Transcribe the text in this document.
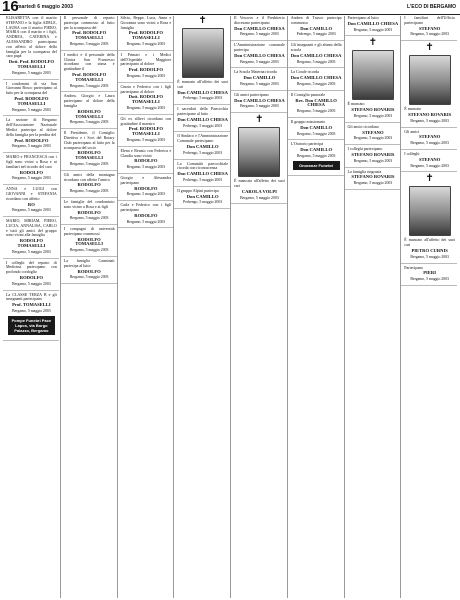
16
martedì 6 maggio 2003	L'ECO DI BERGAMO
ELISABETTA con il marito STEFANO e la figlia ADELE, LAURA con il marito PIERO, MARIA con il marito e i figli, ANDREA, CATERINA e ALESSANDRO partecipano con affetto al dolore della famiglia per la scomparsa del caro papà
Dott. Prof. RODOLFO TOMASELLI
Bergamo, 5 maggio 2003
I condomini di via San Giovanni Bosco partecipano al lutto per la scomparsa del
Prof. RODOLFO TOMASELLI
Bergamo, 5 maggio 2003
La sezione di Bergamo dell'Associazione Nazionale Medici partecipa al dolore della famiglia per la perdita del
Prof. RODOLFO
Bergamo, 5 maggio 2003
MARIO e FRANCESCA con i figli sono vicini a Rosa e ai familiari nel ricordo del caro
RODOLFO
Bergamo, 5 maggio 2003
ANNA e LUIGI con GIOVANNI e STEFANIA ricordano con affetto
RO
Bergamo, 5 maggio 2003
MARIO, MIRIAM, PIERO, LUCIA, ANNALISA, CARLO e tutti gli amici del gruppo sono vicini alla famiglia
RODOLFO TOMASELLI
Bergamo, 5 maggio 2003
I colleghi del reparto di Medicina partecipano con profondo cordoglio
RODOLFO
Bergamo, 5 maggio 2003
La CLASSE TERZA B e gli insegnanti partecipano
Prof. TOMASELLI
Bergamo, 5 maggio 2003
Pompe Funebri Pace Lapos, via Borgo Palazzo, Bergamo
Il personale di reparto partecipa commosso al lutto per la scomparsa del
Prof. RODOLFO TOMASELLI
Bergamo, 5 maggio 2003
I medici e il personale della Clinica San Francesco ricordano con stima e gratitudine il
Prof. RODOLFO TOMASELLI
Bergamo, 5 maggio 2003
Andrea, Giorgio e Laura partecipano al dolore della famiglia
RODOLFO TOMASELLI
Bergamo, 5 maggio 2003
Il Presidente, il Consiglio Direttivo e i Soci del Rotary Club partecipano al lutto per la scomparsa del socio
RODOLFO TOMASELLI
Bergamo, 5 maggio 2003
Gli amici della montagna ricordano con affetto l'amico
RODOLFO
Bergamo, 5 maggio 2003
Le famiglie del condominio sono vicine a Rosa e ai figli
RODOLFO
Bergamo, 5 maggio 2003
I compagni di università partecipano commossi
RODOLFO TOMASELLI
Bergamo, 5 maggio 2003
La famiglia Carminati partecipa al lutto
RODOLFO
Bergamo, 5 maggio 2003
Silvia, Beppe, Luca, Anna e Giovanna sono vicini a Rosa e famiglia
Prof. RODOLFO TOMASELLI
Bergamo, 5 maggio 2003
I Primari e i Medici dell'Ospedale Maggiore partecipano al dolore
Prof. RODOLFO
Bergamo, 5 maggio 2003
Cinzia e Federico con i figli partecipano al dolore
Dott. RODOLFO TOMASELLI
Bergamo, 5 maggio 2003
Gli ex allievi ricordano con gratitudine il maestro
Prof. RODOLFO TOMASELLI
Bergamo, 5 maggio 2003
Elena e Renato con Federica e Claudia sono vicini
RODOLFO
Bergamo, 5 maggio 2003
Giorgio e Alessandra partecipano
RODOLFO
Bergamo, 5 maggio 2003
Carla e Federico con i figli partecipano
RODOLFO
Bergamo, 5 maggio 2003
✝
È mancato all'affetto dei suoi cari
Don CAMILLO CHIESA
Pedrengo, 5 maggio 2003
I sacerdoti della Parrocchia partecipano al lutto
Don CAMILLO CHIESA
Pedrengo, 5 maggio 2003
Il Sindaco e l'Amministrazione Comunale partecipano
Don CAMILLO
Pedrengo, 5 maggio 2003
La Comunità parrocchiale ricorda con riconoscenza
Don CAMILLO CHIESA
Pedrengo, 5 maggio 2003
Il gruppo Alpini partecipa
Don CAMILLO
Pedrengo, 5 maggio 2003
Il Vescovo e il Presbiterio diocesano partecipano
Don CAMILLO CHIESA
Bergamo, 5 maggio 2003
L'Amministrazione comunale partecipa
Don CAMILLO CHIESA
Bergamo, 5 maggio 2003
La Scuola Materna ricorda
Don CAMILLO
Bergamo, 5 maggio 2003
Gli amici partecipano
Don CAMILLO CHIESA
Bergamo, 5 maggio 2003
✝
È mancata all'affetto dei suoi cari
CAROLA VOLPI
Bergamo, 5 maggio 2003
Andrea di Trusco partecipa commosso
Don CAMILLO
Pedrengo, 5 maggio 2003
Gli insegnanti e gli alunni della scuola
Don CAMILLO CHIESA
Bergamo, 5 maggio 2003
La Corale ricorda
Don CAMILLO CHIESA
Bergamo, 5 maggio 2003
Il Consiglio pastorale
Rev. Don CAMILLO CHIESA
Bergamo, 5 maggio 2003
Il gruppo missionario
Don CAMILLO
Bergamo, 5 maggio 2003
L'Oratorio partecipa
Don CAMILLO
Bergamo, 5 maggio 2003
Onoranze Funebri
Partecipano al lutto
Don CAMILLO CHIESA
Bergamo, 5 maggio 2003
✝
È mancato
STEFANO ROVARIS
Bergamo, 5 maggio 2003
Gli amici ricordano
STEFANO
Bergamo, 5 maggio 2003
I colleghi partecipano
STEFANO ROVARIS
Bergamo, 5 maggio 2003
La famiglia ringrazia
STEFANO ROVARIS
Bergamo, 5 maggio 2003
I familiari dell'Ufficio partecipano
STEFANO
Bergamo, 5 maggio 2003
✝
È mancato
STEFANO ROVARIS
Bergamo, 5 maggio 2003
Gli amici
STEFANO
Bergamo, 5 maggio 2003
I colleghi
STEFANO
Bergamo, 5 maggio 2003
✝
È mancato all'affetto dei suoi cari
PIETRO CURNIS
Bergamo, 5 maggio 2003
Partecipano
PIERI
Bergamo, 5 maggio 2003
